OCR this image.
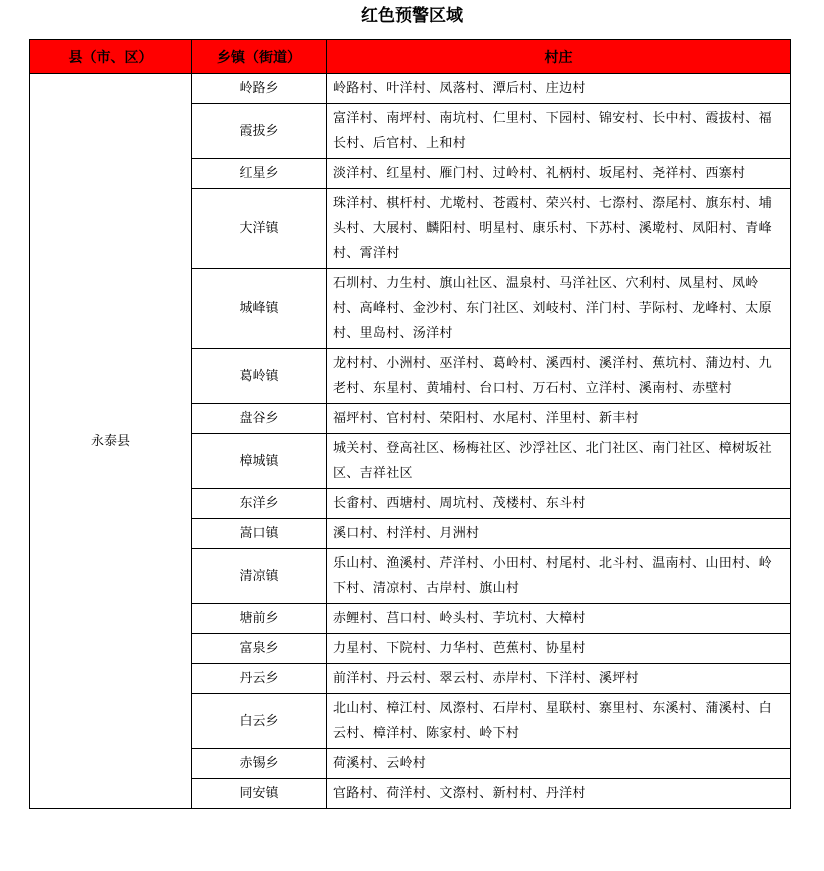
红色预警区域
县（市、区）	乡镇（街道）	村庄
永泰县	岭路乡	岭路村、叶洋村、凤落村、潭后村、庄边村
	霞拔乡	富洋村、南坪村、南坑村、仁里村、下园村、锦安村、长中村、霞拔村、福长村、后官村、上和村
	红星乡	淡洋村、红星村、雁门村、过岭村、礼柄村、坂尾村、尧祥村、西寨村
	大洋镇	珠洋村、棋杆村、尤墘村、苍霞村、荣兴村、七漈村、漈尾村、旗东村、埔头村、大展村、麟阳村、明星村、康乐村、下苏村、溪墘村、凤阳村、青峰村、霄洋村
	城峰镇	石圳村、力生村、旗山社区、温泉村、马洋社区、穴利村、凤星村、凤岭村、高峰村、金沙村、东门社区、刘岐村、洋门村、芋际村、龙峰村、太原村、里岛村、汤洋村
	葛岭镇	龙村村、小洲村、巫洋村、葛岭村、溪西村、溪洋村、蕉坑村、蒲边村、九老村、东星村、黄埔村、台口村、万石村、立洋村、溪南村、赤壁村
	盘谷乡	福坪村、官村村、荣阳村、水尾村、洋里村、新丰村
	樟城镇	城关村、登高社区、杨梅社区、沙浮社区、北门社区、南门社区、樟树坂社区、吉祥社区
	东洋乡	长畬村、西塘村、周坑村、茂楼村、东斗村
	嵩口镇	溪口村、村洋村、月洲村
	清凉镇	乐山村、渔溪村、芹洋村、小田村、村尾村、北斗村、温南村、山田村、岭下村、清凉村、古岸村、旗山村
	塘前乡	赤鲤村、莒口村、岭头村、芋坑村、大樟村
	富泉乡	力星村、下院村、力华村、芭蕉村、协星村
	丹云乡	前洋村、丹云村、翠云村、赤岸村、下洋村、溪坪村
	白云乡	北山村、樟江村、凤漈村、石岸村、星联村、寨里村、东溪村、蒲溪村、白云村、樟洋村、陈家村、岭下村
	赤锡乡	荷溪村、云岭村
	同安镇	官路村、荷洋村、文漈村、新村村、丹洋村
